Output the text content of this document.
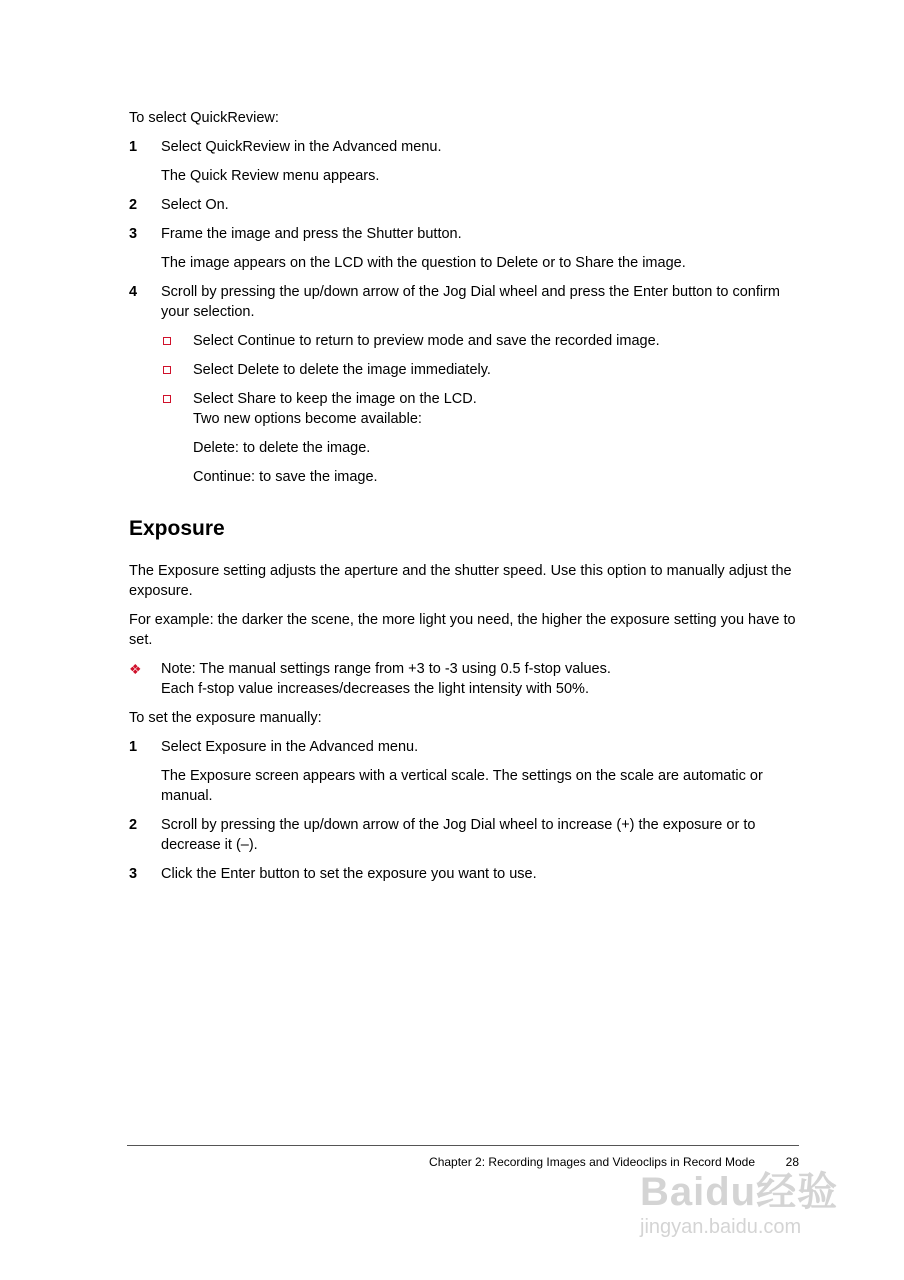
To select QuickReview:

1	Select QuickReview in the Advanced menu.

The Quick Review menu appears.

2	Select On.
3	Frame the image and press the Shutter button.

The image appears on the LCD with the question to Delete or to Share the image.

4	Scroll by pressing the up/down arrow of the Jog Dial wheel and press the Enter button to confirm your selection.
Select Continue to return to preview mode and save the recorded image.
Select Delete to delete the image immediately.
Select Share to keep the image on the LCD.
Two new options become available:

Delete: to delete the image.

Continue: to save the image.

Exposure

The Exposure setting adjusts the aperture and the shutter speed. Use this option to manually adjust the exposure.

For example: the darker the scene, the more light you need, the higher the exposure setting you have to set.

❖	Note: The manual settings range from +3 to -3 using 0.5 f-stop values.
Each f-stop value increases/decreases the light intensity with 50%.

To set the exposure manually:

1	Select Exposure in the Advanced menu.

The Exposure screen appears with a vertical scale. The settings on the scale are automatic or manual.

2	Scroll by pressing the up/down arrow of the Jog Dial wheel to increase (+) the exposure or to decrease it (–).
3	Click the Enter button to set the exposure you want to use.
Chapter 2: Recording Images and Videoclips in Record Mode	28
Baidu经验
jingyan.baidu.com
